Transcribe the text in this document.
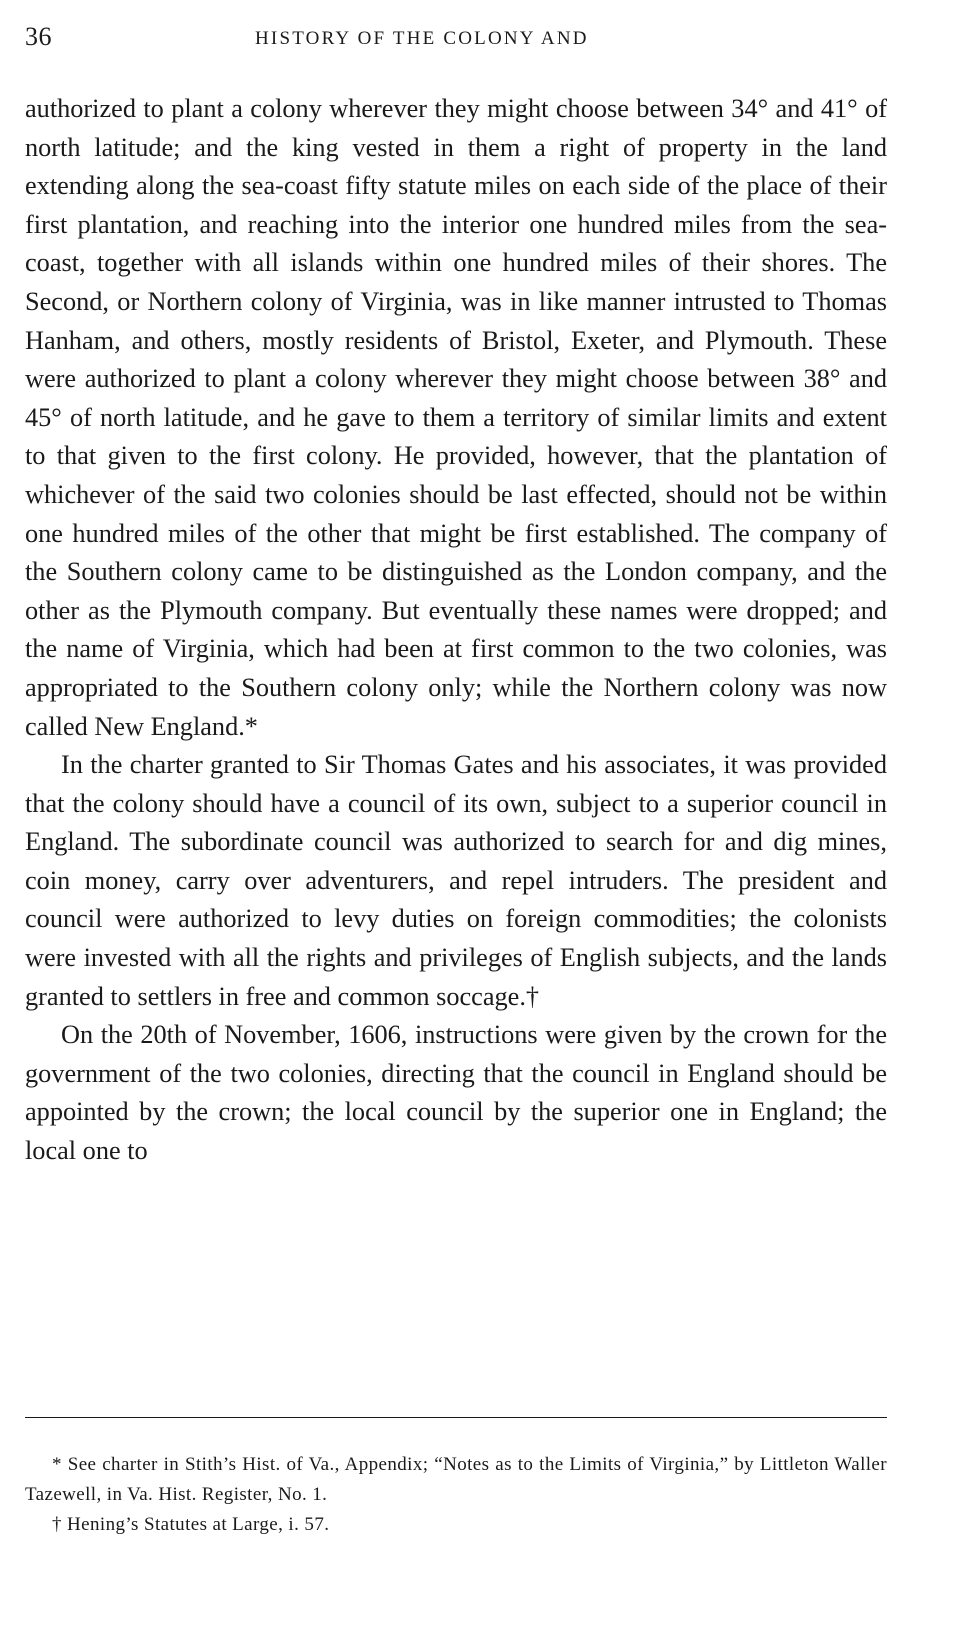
36	HISTORY OF THE COLONY AND

authorized to plant a colony wherever they might choose between 34° and 41° of north latitude; and the king vested in them a right of property in the land extending along the sea-coast fifty statute miles on each side of the place of their first plantation, and reaching into the interior one hundred miles from the sea-coast, together with all islands within one hundred miles of their shores. The Second, or Northern colony of Virginia, was in like manner intrusted to Thomas Hanham, and others, mostly residents of Bristol, Exeter, and Plymouth. These were authorized to plant a colony wherever they might choose between 38° and 45° of north latitude, and he gave to them a territory of similar limits and extent to that given to the first colony. He provided, however, that the plantation of whichever of the said two colonies should be last effected, should not be within one hundred miles of the other that might be first established. The company of the Southern colony came to be distinguished as the London company, and the other as the Plymouth company. But eventually these names were dropped; and the name of Virginia, which had been at first common to the two colonies, was appropriated to the Southern colony only; while the Northern colony was now called New England.*

In the charter granted to Sir Thomas Gates and his associates, it was provided that the colony should have a council of its own, subject to a superior council in England. The subordinate council was authorized to search for and dig mines, coin money, carry over adventurers, and repel intruders. The president and council were authorized to levy duties on foreign commodities; the colonists were invested with all the rights and privileges of English subjects, and the lands granted to settlers in free and common soccage.†

On the 20th of November, 1606, instructions were given by the crown for the government of the two colonies, directing that the council in England should be appointed by the crown; the local council by the superior one in England; the local one to

* See charter in Stith’s Hist. of Va., Appendix; “Notes as to the Limits of Virginia,” by Littleton Waller Tazewell, in Va. Hist. Register, No. 1.

† Hening’s Statutes at Large, i. 57.
